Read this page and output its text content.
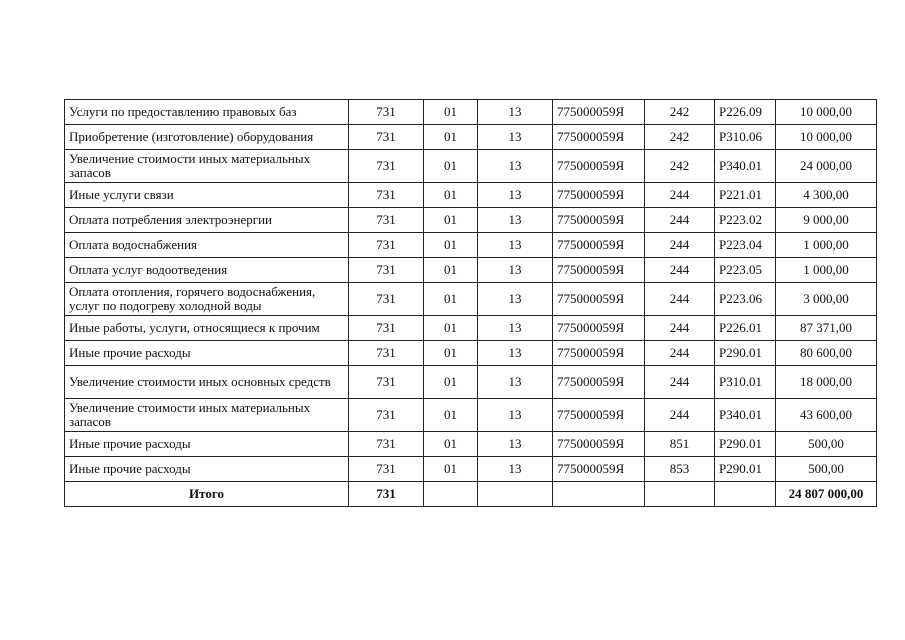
Услуги по предоставлению правовых баз	731	01	13	775000059Я	242	Р226.09	10 000,00
Приобретение (изготовление) оборудования	731	01	13	775000059Я	242	Р310.06	10 000,00
Увеличение стоимости иных материальных запасов	731	01	13	775000059Я	242	Р340.01	24 000,00
Иные услуги связи	731	01	13	775000059Я	244	Р221.01	4 300,00
Оплата потребления электроэнергии	731	01	13	775000059Я	244	Р223.02	9 000,00
Оплата водоснабжения	731	01	13	775000059Я	244	Р223.04	1 000,00
Оплата услуг водоотведения	731	01	13	775000059Я	244	Р223.05	1 000,00
Оплата отопления, горячего водоснабжения, услуг по подогреву холодной воды	731	01	13	775000059Я	244	Р223.06	3 000,00
Иные работы, услуги, относящиеся к прочим	731	01	13	775000059Я	244	Р226.01	87 371,00
Иные прочие расходы	731	01	13	775000059Я	244	Р290.01	80 600,00
Увеличение стоимости иных основных средств	731	01	13	775000059Я	244	Р310.01	18 000,00
Увеличение стоимости иных материальных запасов	731	01	13	775000059Я	244	Р340.01	43 600,00
Иные прочие расходы	731	01	13	775000059Я	851	Р290.01	500,00
Иные прочие расходы	731	01	13	775000059Я	853	Р290.01	500,00
Итого	731						24 807 000,00
